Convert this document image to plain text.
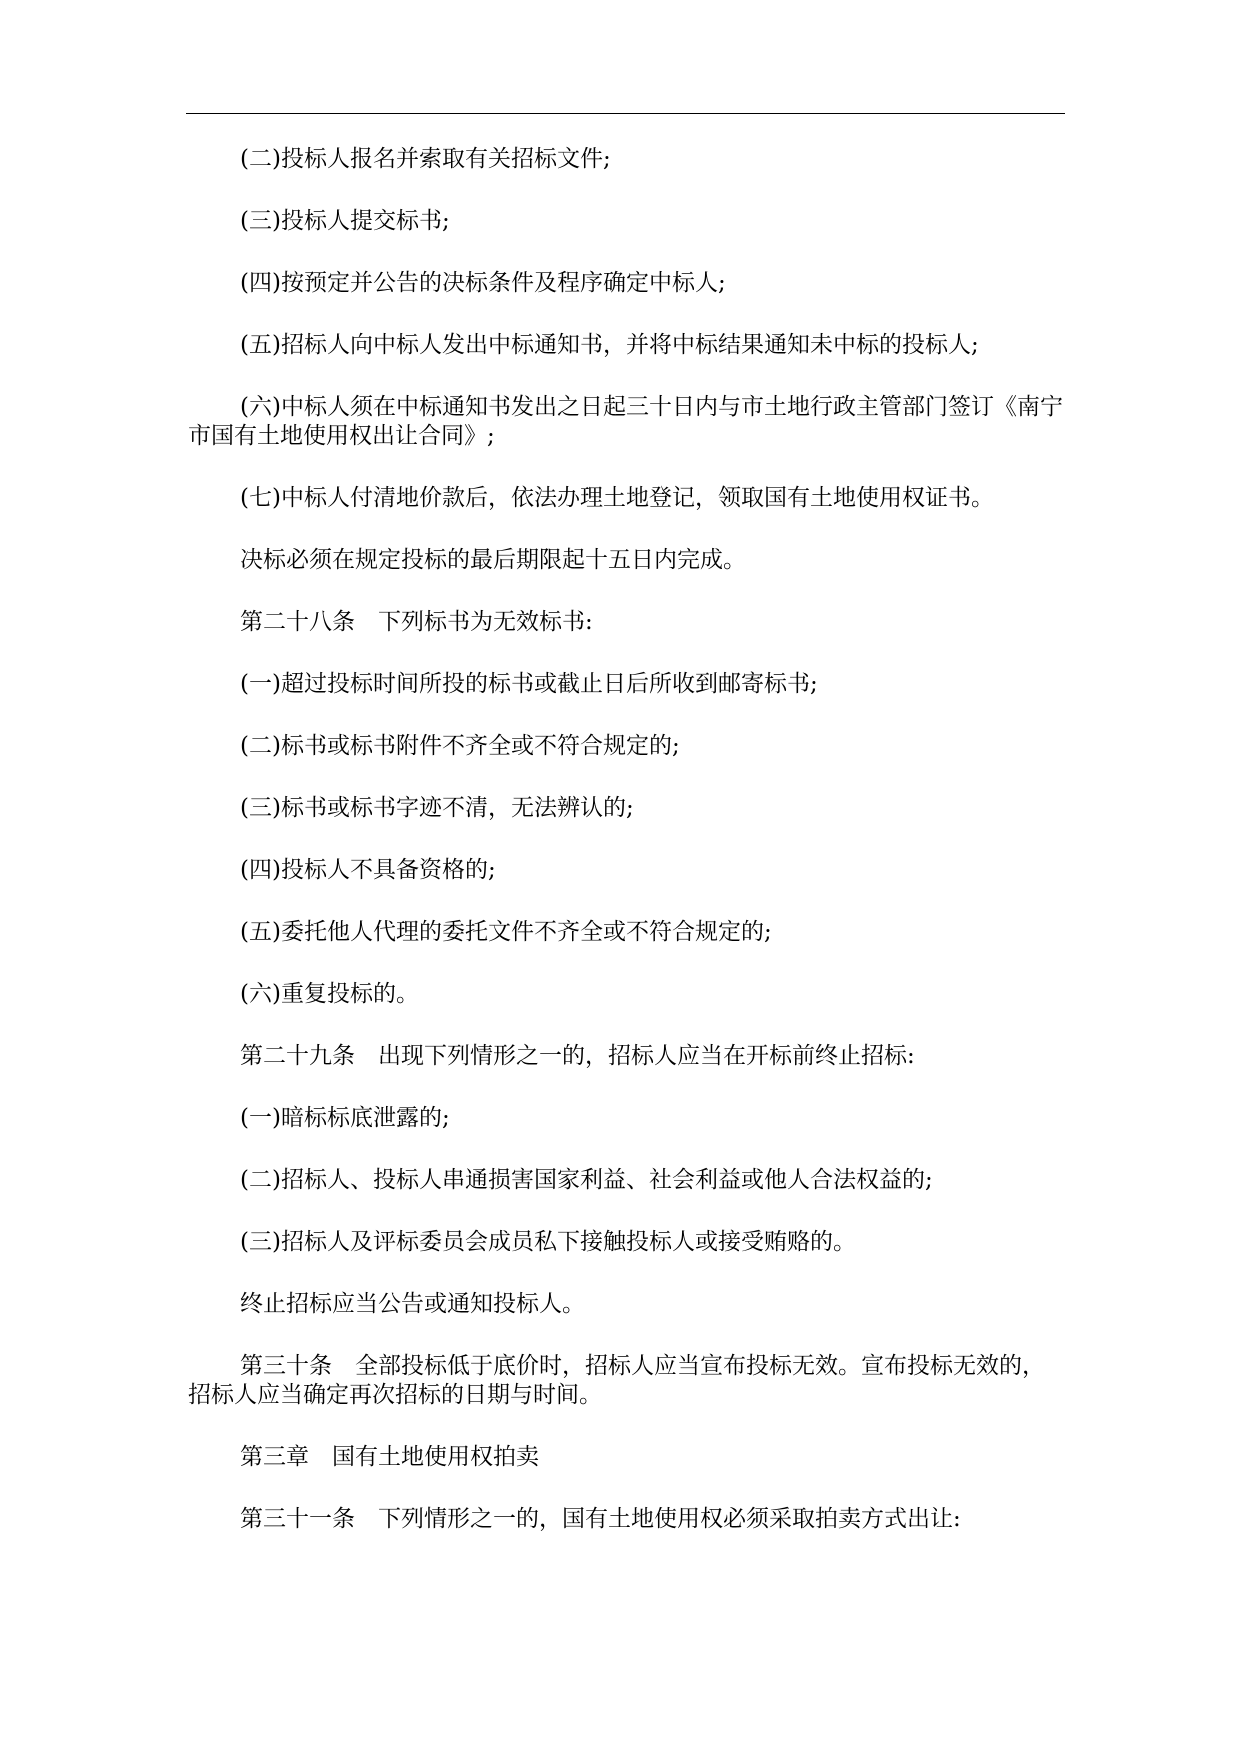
(二)投标人报名并索取有关招标文件;

(三)投标人提交标书;

(四)按预定并公告的决标条件及程序确定中标人;

(五)招标人向中标人发出中标通知书，并将中标结果通知未中标的投标人;

(六)中标人须在中标通知书发出之日起三十日内与市土地行政主管部门签订《南宁市国有土地使用权出让合同》;

(七)中标人付清地价款后，依法办理土地登记，领取国有土地使用权证书。

决标必须在规定投标的最后期限起十五日内完成。

第二十八条　下列标书为无效标书:

(一)超过投标时间所投的标书或截止日后所收到邮寄标书;

(二)标书或标书附件不齐全或不符合规定的;

(三)标书或标书字迹不清，无法辨认的;

(四)投标人不具备资格的;

(五)委托他人代理的委托文件不齐全或不符合规定的;

(六)重复投标的。

第二十九条　出现下列情形之一的，招标人应当在开标前终止招标:

(一)暗标标底泄露的;

(二)招标人、投标人串通损害国家利益、社会利益或他人合法权益的;

(三)招标人及评标委员会成员私下接触投标人或接受贿赂的。

终止招标应当公告或通知投标人。

第三十条　全部投标低于底价时，招标人应当宣布投标无效。宣布投标无效的，招标人应当确定再次招标的日期与时间。

第三章　国有土地使用权拍卖

第三十一条　下列情形之一的，国有土地使用权必须采取拍卖方式出让:
